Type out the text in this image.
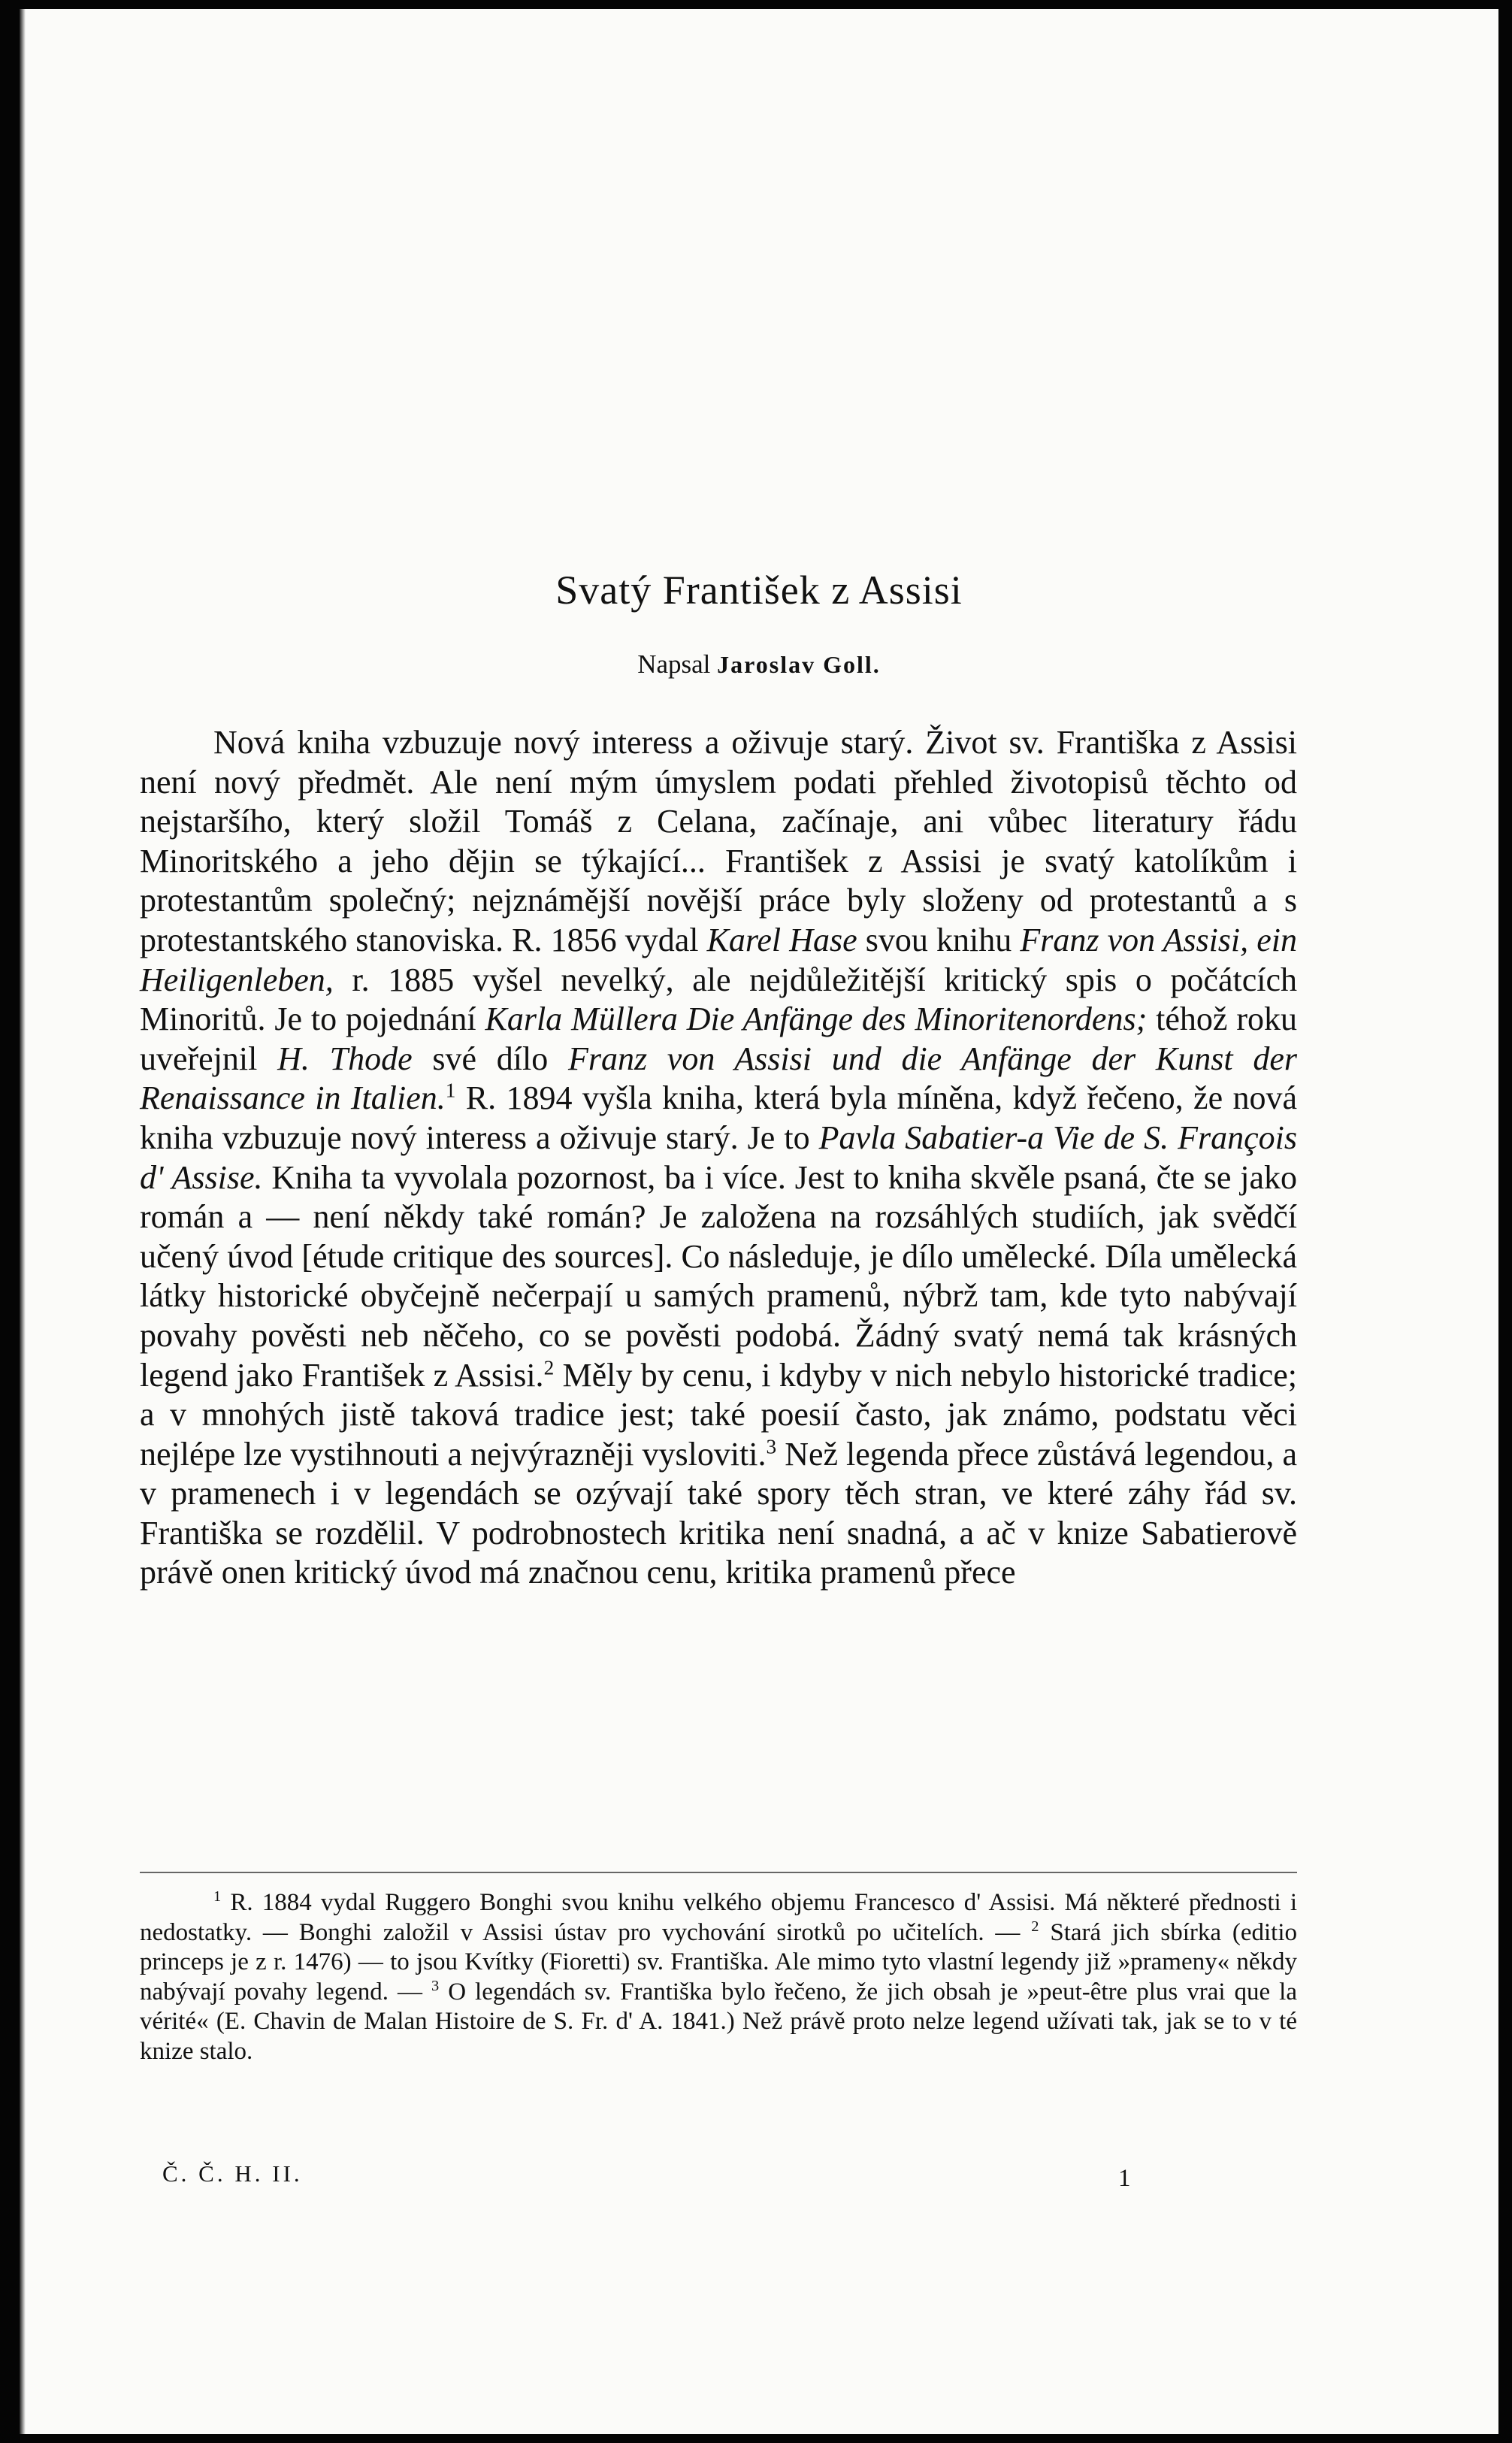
Svatý František z Assisi
Napsal Jaroslav Goll.

Nová kniha vzbuzuje nový interess a oživuje starý. Život sv. Františka z Assisi není nový předmět. Ale není mým úmyslem podati přehled životopisů těchto od nejstaršího, který složil Tomáš z Celana, začínaje, ani vůbec literatury řádu Minoritského a jeho dějin se týkající... František z Assisi je svatý katolíkům i protestantům společný; nejznámější novější práce byly složeny od protestantů a s protestantského stanoviska. R. 1856 vydal Karel Hase svou knihu Franz von Assisi, ein Heiligenleben, r. 1885 vyšel nevelký, ale nejdůležitější kritický spis o počátcích Minoritů. Je to pojednání Karla Müllera Die Anfänge des Minoritenordens; téhož roku uveřejnil H. Thode své dílo Franz von Assisi und die Anfänge der Kunst der Renaissance in Italien.$^1$ R. 1894 vyšla kniha, která byla míněna, když řečeno, že nová kniha vzbuzuje nový interess a oživuje starý. Je to Pavla Sabatier-a Vie de S. François d' Assise. Kniha ta vyvolala pozornost, ba i více. Jest to kniha skvěle psaná, čte se jako román a — není někdy také román? Je založena na rozsáhlých studiích, jak svědčí učený úvod [étude critique des sources]. Co následuje, je dílo umělecké. Díla umělecká látky historické obyčejně nečerpají u samých pramenů, nýbrž tam, kde tyto nabývají povahy pověsti neb něčeho, co se pověsti podobá. Žádný svatý nemá tak krásných legend jako František z Assisi.$^2$ Měly by cenu, i kdyby v nich nebylo historické tradice; a v mnohých jistě taková tradice jest; také poesií často, jak známo, podstatu věci nejlépe lze vystihnouti a nejvýrazněji vysloviti.$^3$ Než legenda přece zůstává legendou, a v pramenech i v legendách se ozývají také spory těch stran, ve které záhy řád sv. Františka se rozdělil. V podrobnostech kritika není snadná, a ač v knize Sabatierově právě onen kritický úvod má značnou cenu, kritika pramenů přece

$^1$ R. 1884 vydal Ruggero Bonghi svou knihu velkého objemu Francesco d' Assisi. Má některé přednosti i nedostatky. — Bonghi založil v Assisi ústav pro vychování sirotků po učitelích. — $^2$ Stará jich sbírka (editio princeps je z r. 1476) — to jsou Kvítky (Fioretti) sv. Františka. Ale mimo tyto vlastní legendy již »prameny« někdy nabývají povahy legend. — $^3$ O legendách sv. Františka bylo řečeno, že jich obsah je »peut-être plus vrai que la vérité« (E. Chavin de Malan Histoire de S. Fr. d' A. 1841.) Než právě proto nelze legend užívati tak, jak se to v té knize stalo.

Č. Č. H. II.	1
